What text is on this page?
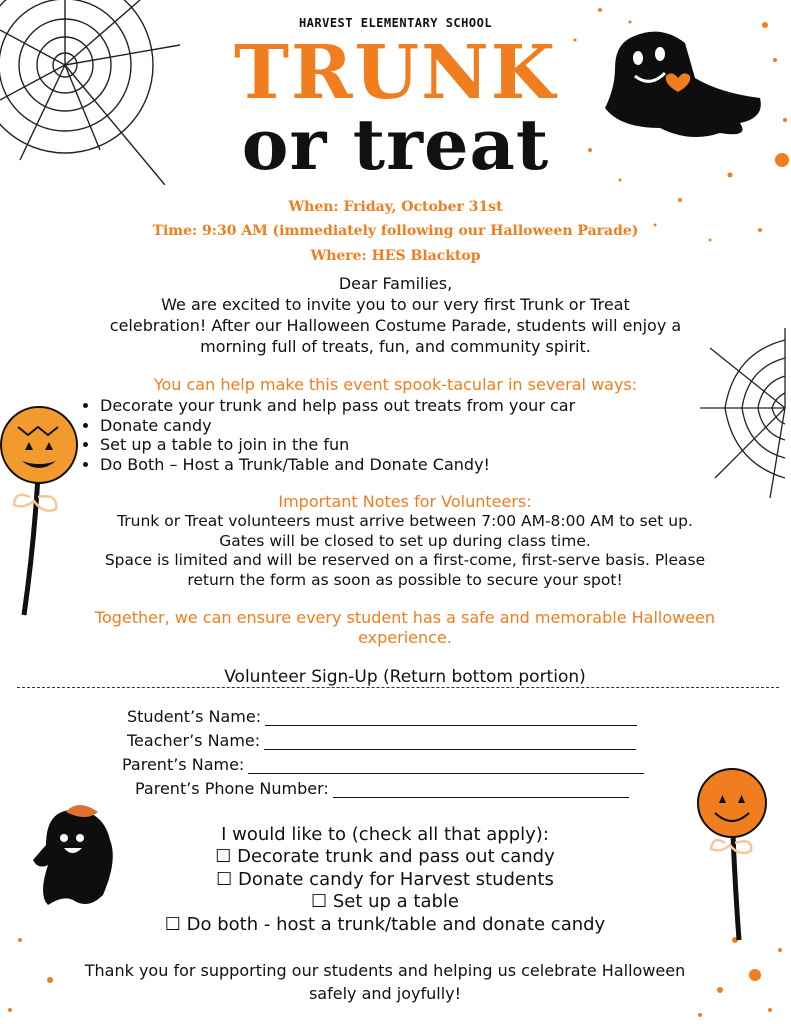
HARVEST ELEMENTARY SCHOOL
TRUNK
or treat
When: Friday, October 31st
Time: 9:30 AM (immediately following our Halloween Parade)
Where: HES Blacktop
Dear Families,
We are excited to invite you to our very first Trunk or Treat
celebration! After our Halloween Costume Parade, students will enjoy a
morning full of treats, fun, and community spirit.
You can help make this event spook-tacular in several ways:
• Decorate your trunk and help pass out treats from your car
• Donate candy
• Set up a table to join in the fun
• Do Both – Host a Trunk/Table and Donate Candy!
Important Notes for Volunteers:
Trunk or Treat volunteers must arrive between 7:00 AM-8:00 AM to set up.
Gates will be closed to set up during class time.
Space is limited and will be reserved on a first-come, first-serve basis. Please
return the form as soon as possible to secure your spot!
Together, we can ensure every student has a safe and memorable Halloween
experience.
Volunteer Sign-Up (Return bottom portion)
Student’s Name:
Teacher’s Name:
Parent’s Name:
Parent’s Phone Number:
I would like to (check all that apply):
☐ Decorate trunk and pass out candy
☐ Donate candy for Harvest students
☐ Set up a table
☐ Do both - host a trunk/table and donate candy
Thank you for supporting our students and helping us celebrate Halloween
safely and joyfully!
